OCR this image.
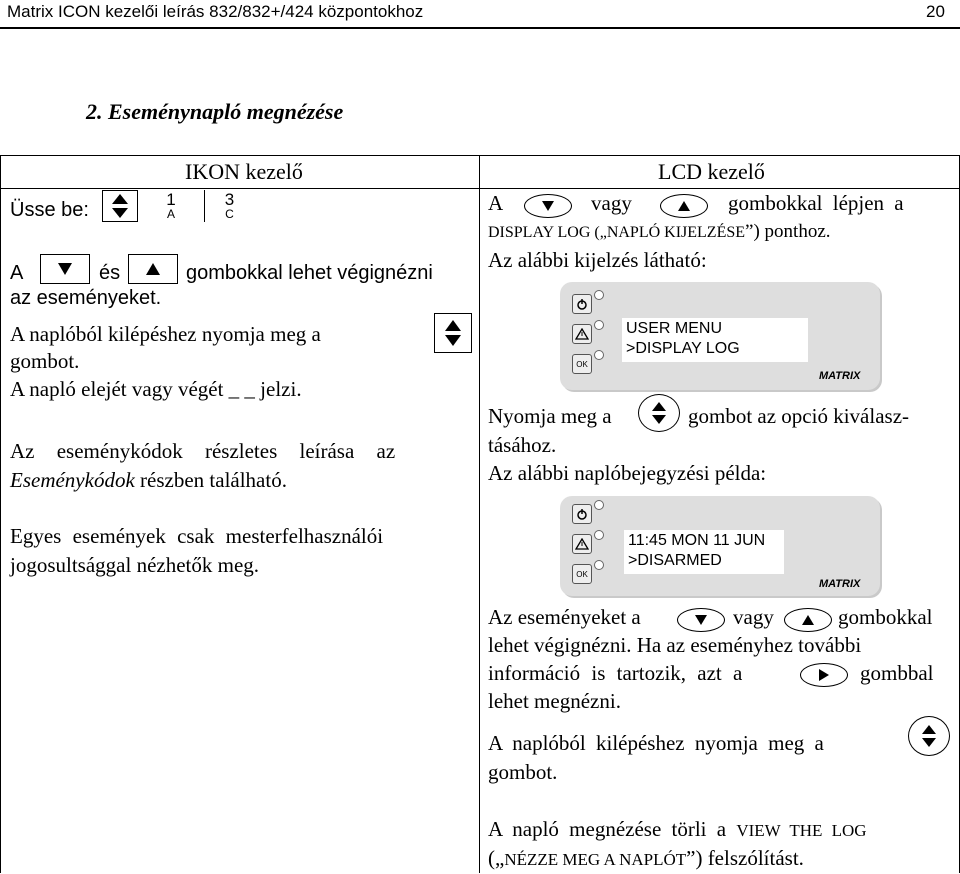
Matrix ICON kezelői leírás 832/832+/424 központokhoz	20
2. Eseménynapló megnézése
IKON kezelő	LCD kezelő
Üsse be:	1
A
3
C
A	és	gombokkal lehet végignézni
az eseményeket.
A naplóból kilépéshez nyomja meg a
gombot.
A napló elejét vagy végét _ _ jelzi.
Az eseménykódok részletes leírása az
Eseménykódok részben található.
Egyes események csak mesterfelhasználói
jogosultsággal nézhetők meg.
A	vagy	gombokkal lépjen a
DISPLAY LOG („NAPLÓ KIJELZÉSE”) ponthoz.
Az alábbi kijelzés látható:
OK
USER MENU
>DISPLAY LOG
MATRIX
Nyomja meg a	gombot az opció kiválasz-
tásához.
Az alábbi naplóbejegyzési példa:
OK
11:45 MON 11 JUN
>DISARMED
MATRIX
Az eseményeket a	vagy	gombokkal
lehet végignézni. Ha az eseményhez további
információ is tartozik, azt a	gombbal
lehet megnézni.
A naplóból kilépéshez nyomja meg a
gombot.
A napló megnézése törli a VIEW THE LOG
(„NÉZZE MEG A NAPLÓT”) felszólítást.
